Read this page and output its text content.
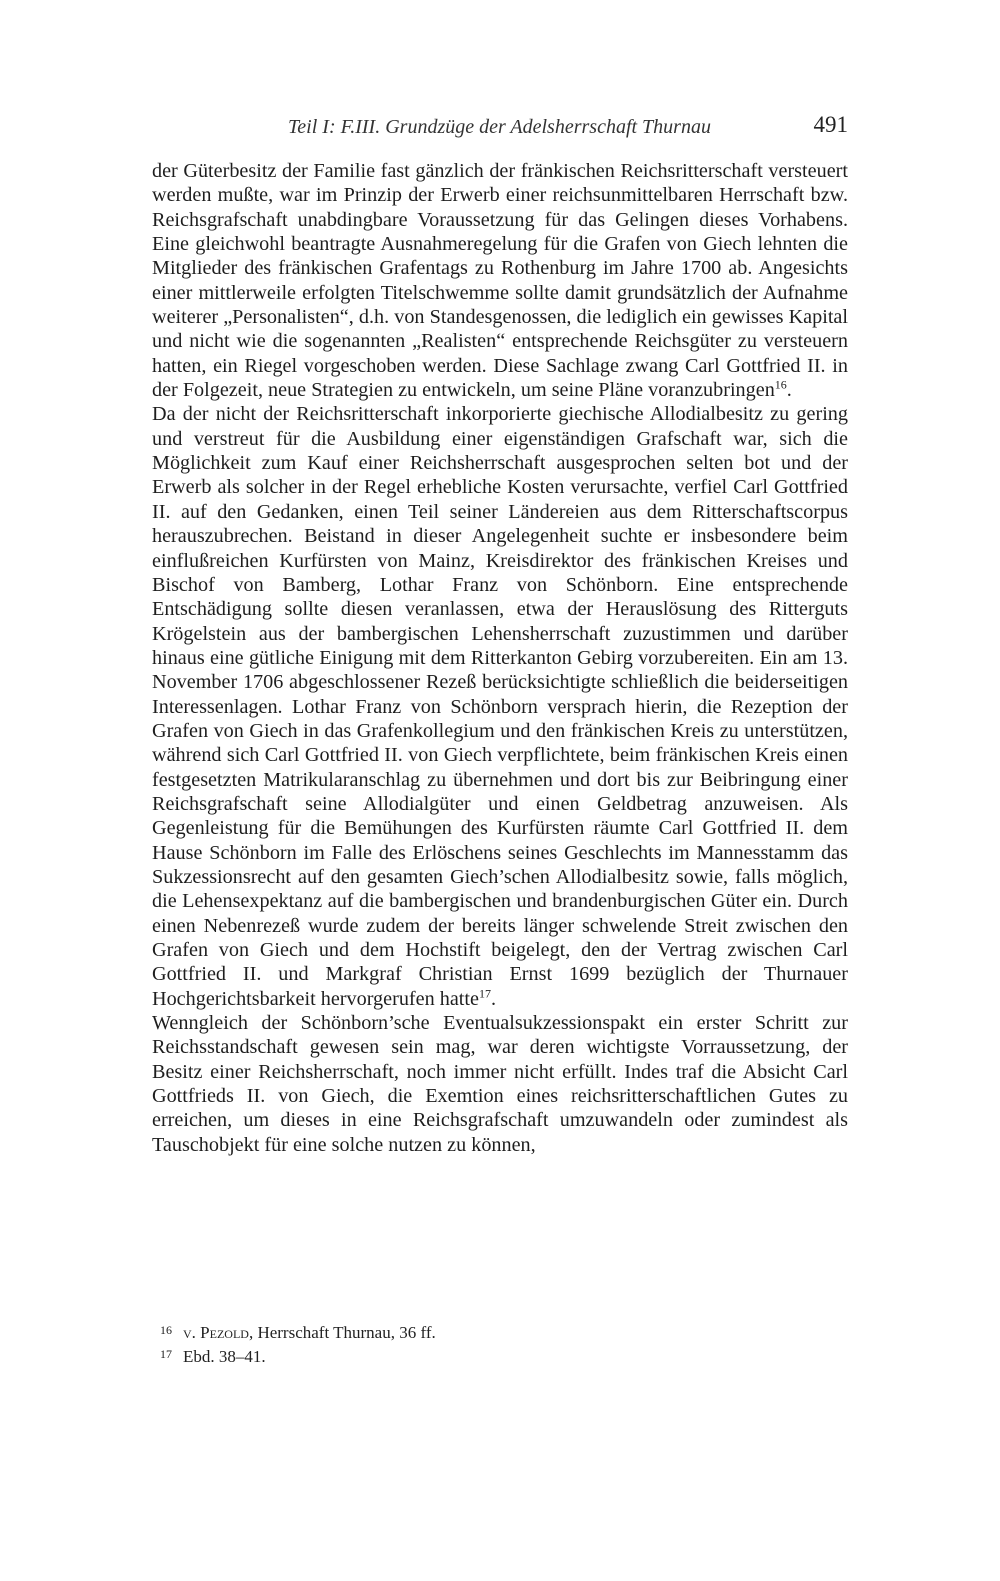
Teil I: F.III. Grundzüge der Adelsherrschaft Thurnau	491

der Güterbesitz der Familie fast gänzlich der fränkischen Reichsritterschaft versteuert werden mußte, war im Prinzip der Erwerb einer reichsunmittelbaren Herrschaft bzw. Reichsgrafschaft unabdingbare Voraussetzung für das Gelingen dieses Vorhabens. Eine gleichwohl beantragte Ausnahmeregelung für die Grafen von Giech lehnten die Mitglieder des fränkischen Grafentags zu Rothenburg im Jahre 1700 ab. Angesichts einer mittlerweile erfolgten Titelschwemme sollte damit grundsätzlich der Aufnahme weiterer „Personalisten“, d.h. von Standesgenossen, die lediglich ein gewisses Kapital und nicht wie die sogenannten „Realisten“ entsprechende Reichsgüter zu versteuern hatten, ein Riegel vorgeschoben werden. Diese Sachlage zwang Carl Gottfried II. in der Folgezeit, neue Strategien zu entwickeln, um seine Pläne voranzubringen$^{16}$.

Da der nicht der Reichsritterschaft inkorporierte giechische Allodialbesitz zu gering und verstreut für die Ausbildung einer eigenständigen Grafschaft war, sich die Möglichkeit zum Kauf einer Reichsherrschaft ausgesprochen selten bot und der Erwerb als solcher in der Regel erhebliche Kosten verursachte, verfiel Carl Gottfried II. auf den Gedanken, einen Teil seiner Ländereien aus dem Ritterschaftscorpus herauszubrechen. Beistand in dieser Angelegenheit suchte er insbesondere beim einflußreichen Kurfürsten von Mainz, Kreisdirektor des fränkischen Kreises und Bischof von Bamberg, Lothar Franz von Schönborn. Eine entsprechende Entschädigung sollte diesen veranlassen, etwa der Herauslösung des Ritterguts Krögelstein aus der bambergischen Lehensherrschaft zuzustimmen und darüber hinaus eine gütliche Einigung mit dem Ritterkanton Gebirg vorzubereiten. Ein am 13. November 1706 abgeschlossener Rezeß berücksichtigte schließlich die beiderseitigen Interessenlagen. Lothar Franz von Schönborn versprach hierin, die Rezeption der Grafen von Giech in das Grafenkollegium und den fränkischen Kreis zu unterstützen, während sich Carl Gottfried II. von Giech verpflichtete, beim fränkischen Kreis einen festgesetzten Matrikularanschlag zu übernehmen und dort bis zur Beibringung einer Reichsgrafschaft seine Allodialgüter und einen Geldbetrag anzuweisen. Als Gegenleistung für die Bemühungen des Kurfürsten räumte Carl Gottfried II. dem Hause Schönborn im Falle des Erlöschens seines Geschlechts im Mannesstamm das Sukzessionsrecht auf den gesamten Giech’schen Allodialbesitz sowie, falls möglich, die Lehensexpektanz auf die bambergischen und brandenburgischen Güter ein. Durch einen Nebenrezeß wurde zudem der bereits länger schwelende Streit zwischen den Grafen von Giech und dem Hochstift beigelegt, den der Vertrag zwischen Carl Gottfried II. und Markgraf Christian Ernst 1699 bezüglich der Thurnauer Hochgerichtsbarkeit hervorgerufen hatte$^{17}$.

Wenngleich der Schönborn’sche Eventualsukzessionspakt ein erster Schritt zur Reichsstandschaft gewesen sein mag, war deren wichtigste Vorraussetzung, der Besitz einer Reichsherrschaft, noch immer nicht erfüllt. Indes traf die Absicht Carl Gottfrieds II. von Giech, die Exemtion eines reichsritterschaftlichen Gutes zu erreichen, um dieses in eine Reichsgrafschaft umzuwandeln oder zumindest als Tauschobjekt für eine solche nutzen zu können,

16 v. Pezold, Herrschaft Thurnau, 36 ff.
17 Ebd. 38–41.
